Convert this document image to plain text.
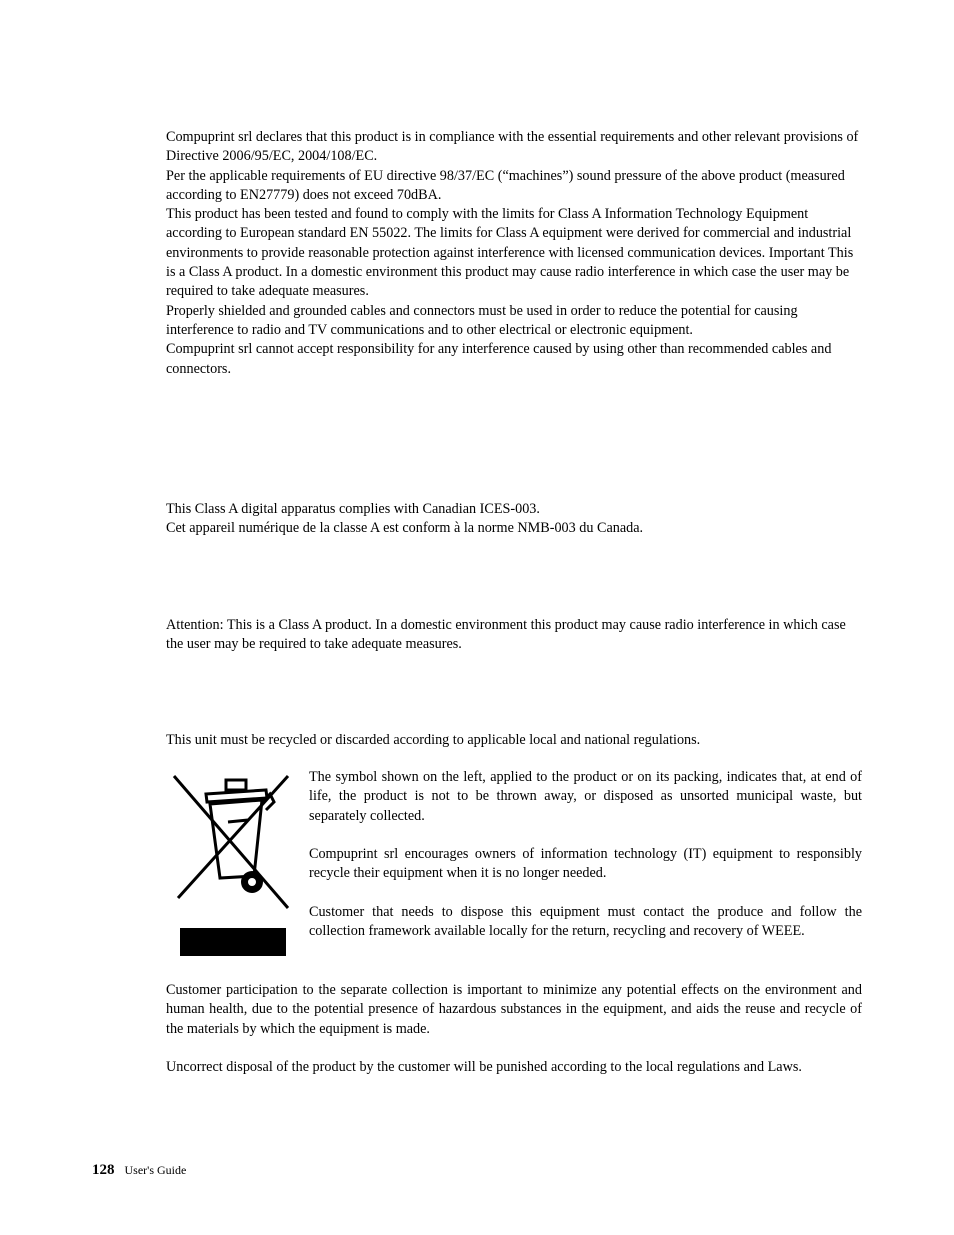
Compuprint srl declares that this product is in compliance with the essential requirements and other relevant provisions of Directive 2006/95/EC, 2004/108/EC.

Per the applicable requirements of EU directive 98/37/EC (“machines”) sound pressure of the above product (measured according to EN27779) does not exceed 70dBA.

This product has been tested and found to comply with the limits for Class A Information Technology Equipment according to European standard EN 55022. The limits for Class A equipment were derived for commercial and industrial environments to provide reasonable protection against interference with licensed communication devices. Important This is a Class A product. In a domestic environment this product may cause radio interference in which case the user may be required to take adequate measures.

Properly shielded and grounded cables and connectors must be used in order to reduce the potential for causing

interference to radio and TV communications and to other electrical or electronic equipment.

Compuprint srl cannot accept responsibility for any interference caused by using other than recommended cables and connectors.

This Class A digital apparatus complies with Canadian ICES-003.

Cet appareil numérique de la classe A est conform à la norme NMB-003 du Canada.

Attention: This is a Class A product. In a domestic environment this product may cause radio interference in which case the user may be required to take adequate measures.

This unit must be recycled or discarded according to applicable local and national regulations.

The symbol shown on the left, applied to the product or on its packing, indicates that, at end of life, the product is not to be thrown away, or disposed as unsorted municipal waste, but separately collected.

Compuprint srl encourages owners of information technology (IT) equipment to responsibly recycle their equipment when it is no longer needed.

Customer that needs to dispose this equipment must contact the produce and follow the collection framework available locally for the return, recycling and recovery of WEEE.

Customer participation to the separate collection is important to minimize any potential effects on the environment and human health, due to the potential presence of hazardous substances in the equipment, and aids the reuse and recycle of the materials by which the equipment is made.

Uncorrect disposal of the product by the customer will be punished according to the local regulations and Laws.

128 User's Guide
